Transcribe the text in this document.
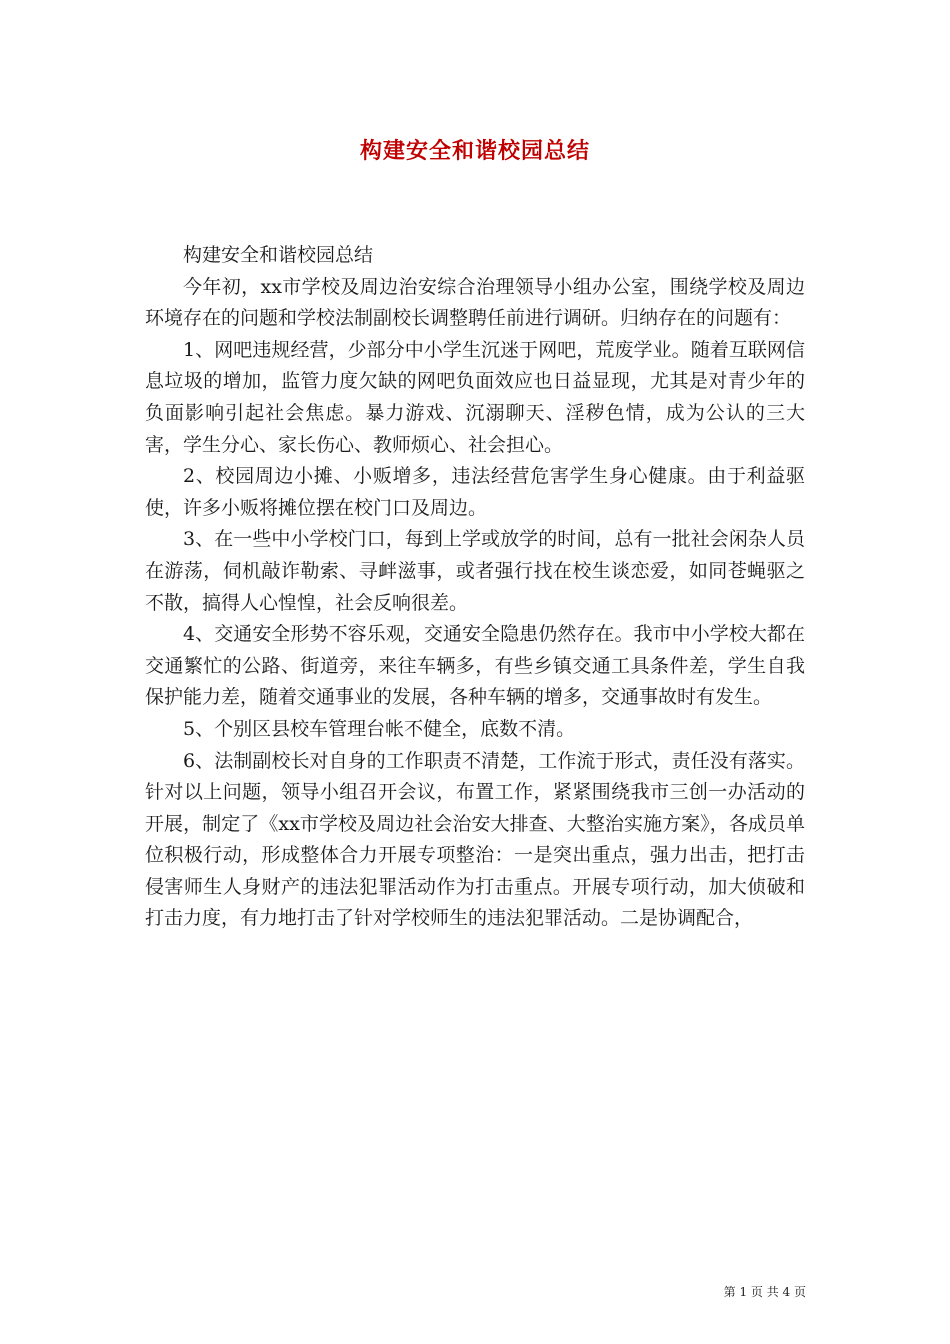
构建安全和谐校园总结

构建安全和谐校园总结

今年初，xx市学校及周边治安综合治理领导小组办公室，围绕学校及周边环境存在的问题和学校法制副校长调整聘任前进行调研。归纳存在的问题有：

1、网吧违规经营，少部分中小学生沉迷于网吧，荒废学业。随着互联网信息垃圾的增加，监管力度欠缺的网吧负面效应也日益显现，尤其是对青少年的负面影响引起社会焦虑。暴力游戏、沉溺聊天、淫秽色情，成为公认的三大害，学生分心、家长伤心、教师烦心、社会担心。

2、校园周边小摊、小贩增多，违法经营危害学生身心健康。由于利益驱使，许多小贩将摊位摆在校门口及周边。

3、在一些中小学校门口，每到上学或放学的时间，总有一批社会闲杂人员在游荡，伺机敲诈勒索、寻衅滋事，或者强行找在校生谈恋爱，如同苍蝇驱之不散，搞得人心惶惶，社会反响很差。

4、交通安全形势不容乐观，交通安全隐患仍然存在。我市中小学校大都在交通繁忙的公路、街道旁，来往车辆多，有些乡镇交通工具条件差，学生自我保护能力差，随着交通事业的发展，各种车辆的增多，交通事故时有发生。

5、个别区县校车管理台帐不健全，底数不清。

6、法制副校长对自身的工作职责不清楚，工作流于形式，责任没有落实。针对以上问题，领导小组召开会议，布置工作，紧紧围绕我市三创一办活动的开展，制定了《xx市学校及周边社会治安大排查、大整治实施方案》，各成员单位积极行动，形成整体合力开展专项整治：一是突出重点，强力出击，把打击侵害师生人身财产的违法犯罪活动作为打击重点。开展专项行动，加大侦破和打击力度，有力地打击了针对学校师生的违法犯罪活动。二是协调配合，

第 1 页 共 4 页
